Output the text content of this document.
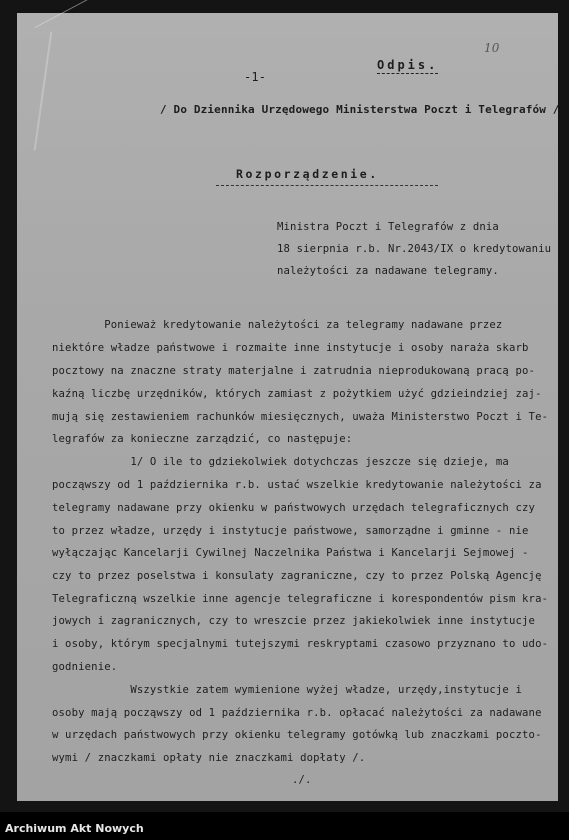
10
-1-
Odpis.
/ Do Dziennika Urzędowego Ministerstwa Poczt i Telegrafów /
Rozporządzenie.
Ministra Poczt i Telegrafów z dnia
18 sierpnia r.b. Nr.2043/IX o kredytowaniu
należytości za nadawane telegramy.
Ponieważ kredytowanie należytości za telegramy nadawane przez
niektóre władze państwowe i rozmaite inne instytucje i osoby naraża skarb
pocztowy na znaczne straty materjalne i zatrudnia nieprodukowaną pracą po-
kaźną liczbę urzędników, których zamiast z pożytkiem użyć gdzieindziej zaj-
mują się zestawieniem rachunków miesięcznych, uważa Ministerstwo Poczt i Te-
legrafów za konieczne zarządzić, co następuje:
1/ O ile to gdziekolwiek dotychczas jeszcze się dzieje, ma
począwszy od 1 października r.b. ustać wszelkie kredytowanie należytości za
telegramy nadawane przy okienku w państwowych urzędach telegraficznych czy
to przez władze, urzędy i instytucje państwowe, samorządne i gminne - nie
wyłączając Kancelarji Cywilnej Naczelnika Państwa i Kancelarji Sejmowej -
czy to przez poselstwa i konsulaty zagraniczne, czy to przez Polską Agencję
Telegraficzną wszelkie inne agencje telegraficzne i korespondentów pism kra-
jowych i zagranicznych, czy to wreszcie przez jakiekolwiek inne instytucje
i osoby, którym specjalnymi tutejszymi reskryptami czasowo przyznano to udo-
godnienie.
Wszystkie zatem wymienione wyżej władze, urzędy,instytucje i
osoby mają począwszy od 1 października r.b. opłacać należytości za nadawane
w urzędach państwowych przy okienku telegramy gotówką lub znaczkami poczto-
wymi / znaczkami opłaty nie znaczkami dopłaty /.
./.
Archiwum Akt Nowych
